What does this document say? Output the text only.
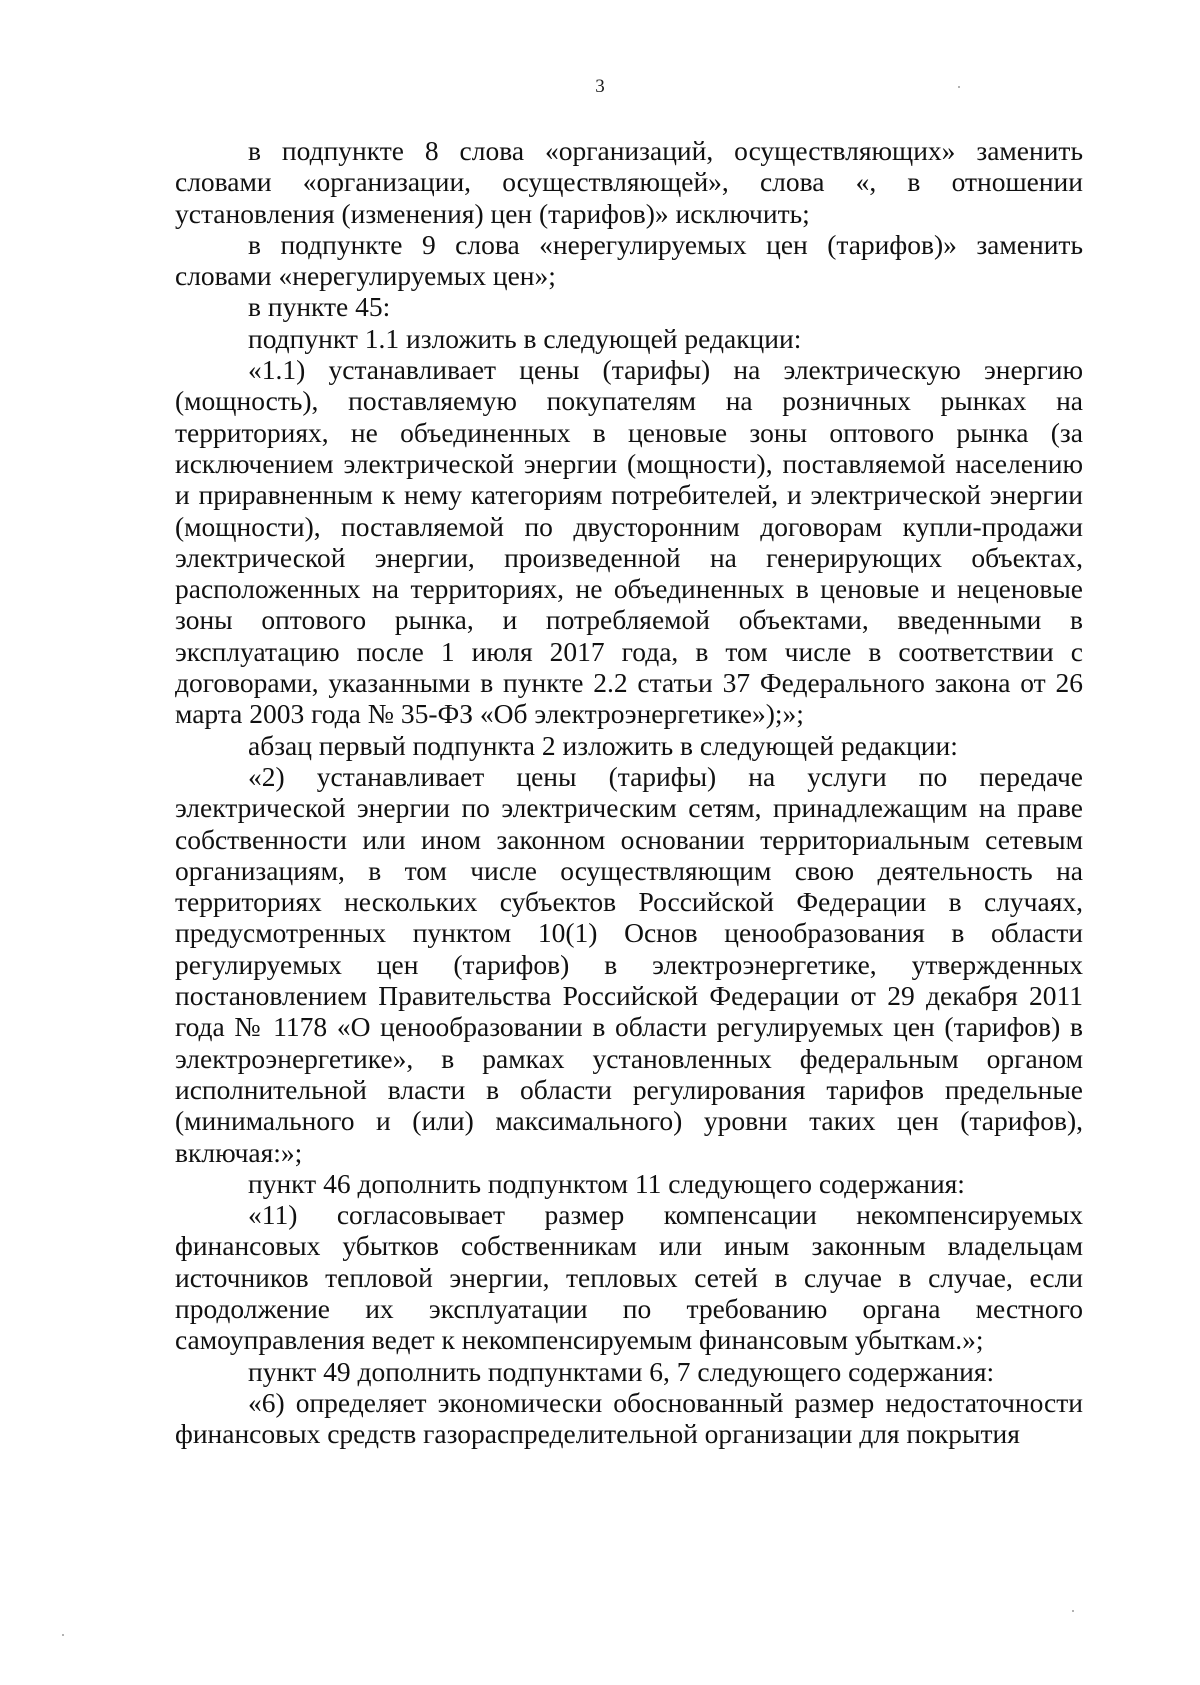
3

в подпункте 8 слова «организаций, осуществляющих» заменить словами «организации, осуществляющей», слова «, в отношении установления (изменения) цен (тарифов)» исключить;

в подпункте 9 слова «нерегулируемых цен (тарифов)» заменить словами «нерегулируемых цен»;

в пункте 45:

подпункт 1.1 изложить в следующей редакции:

«1.1) устанавливает цены (тарифы) на электрическую энергию (мощность), поставляемую покупателям на розничных рынках на территориях, не объединенных в ценовые зоны оптового рынка (за исключением электрической энергии (мощности), поставляемой населению и приравненным к нему категориям потребителей, и электрической энергии (мощности), поставляемой по двусторонним договорам купли-продажи электрической энергии, произведенной на генерирующих объектах, расположенных на территориях, не объединенных в ценовые и неценовые зоны оптового рынка, и потребляемой объектами, введенными в эксплуатацию после 1 июля 2017 года, в том числе в соответствии с договорами, указанными в пункте 2.2 статьи 37 Федерального закона от 26 марта 2003 года № 35-ФЗ «Об электроэнергетике»);»;

абзац первый подпункта 2 изложить в следующей редакции:

«2) устанавливает цены (тарифы) на услуги по передаче электрической энергии по электрическим сетям, принадлежащим на праве собственности или ином законном основании территориальным сетевым организациям, в том числе осуществляющим свою деятельность на территориях нескольких субъектов Российской Федерации в случаях, предусмотренных пунктом 10(1) Основ ценообразования в области регулируемых цен (тарифов) в электроэнергетике, утвержденных постановлением Правительства Российской Федерации от 29 декабря 2011 года № 1178 «О ценообразовании в области регулируемых цен (тарифов) в электроэнергетике», в рамках установленных федеральным органом исполнительной власти в области регулирования тарифов предельные (минимального и (или) максимального) уровни таких цен (тарифов), включая:»;

пункт 46 дополнить подпунктом 11 следующего содержания:

«11) согласовывает размер компенсации некомпенсируемых финансовых убытков собственникам или иным законным владельцам источников тепловой энергии, тепловых сетей в случае в случае, если продолжение их эксплуатации по требованию органа местного самоуправления ведет к некомпенсируемым финансовым убыткам.»;

пункт 49 дополнить подпунктами 6, 7 следующего содержания:

«6) определяет экономически обоснованный размер недостаточности финансовых средств газораспределительной организации для покрытия
